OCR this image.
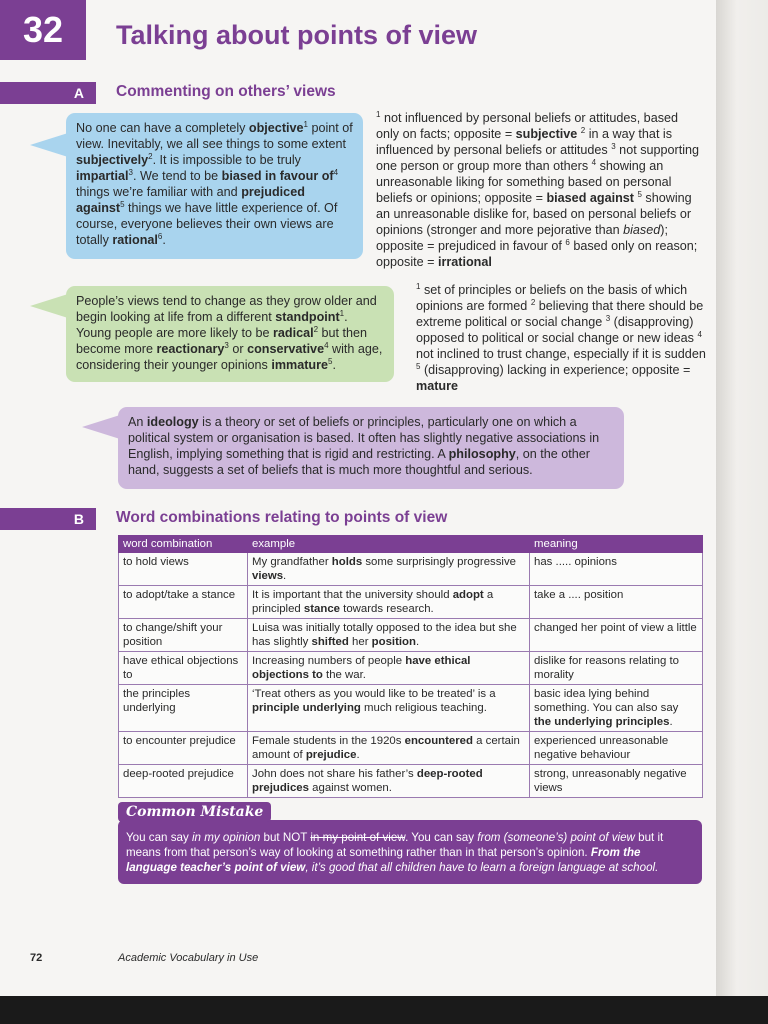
32	Talking about points of view
A	Commenting on others’ views
No one can have a completely objective$^1$ point of view. Inevitably, we all see things to some extent subjectively$^2$. It is impossible to be truly impartial$^3$. We tend to be biased in favour $of^4$ things we’re familiar with and prejudiced against$^5$ things we have little experience of. Of course, everyone believes their own views are totally rational$^6$.
$^1$ not influenced by personal beliefs or attitudes, based only on facts; opposite = subjective $^2$ in a way that is influenced by personal beliefs or attitudes $^3$ not supporting one person or group more than others $^4$ showing an unreasonable liking for something based on personal beliefs or opinions; opposite = biased against $^5$ showing an unreasonable dislike for, based on personal beliefs or opinions (stronger and more pejorative than biased); opposite = prejudiced in favour of $^6$ based only on reason; opposite = irrational
People’s views tend to change as they grow older and begin looking at life from a different standpoint$^1$. Young people are more likely to be radical$^2$ but then become more reactionary$^3$ or conservative$^4$ with age, considering their younger opinions immature$^5$.
$^1$ set of principles or beliefs on the basis of which opinions are formed $^2$ believing that there should be extreme political or social change $^3$ (disapproving) opposed to political or social change or new ideas $^4$ not inclined to trust change, especially if it is sudden $^5$ (disapproving) lacking in experience; opposite = mature
An ideology is a theory or set of beliefs or principles, particularly one on which a political system or organisation is based. It often has slightly negative associations in English, implying something that is rigid and restricting. A philosophy, on the other hand, suggests a set of beliefs that is much more thoughtful and serious.
B	Word combinations relating to points of view
word combination	example	meaning
to hold views	My grandfather holds some surprisingly progressive views.	has ..... opinions
to adopt/take a stance	It is important that the university should adopt a principled stance towards research.	take a .... position
to change/shift your position	Luisa was initially totally opposed to the idea but she has slightly shifted her position.	changed her point of view a little
have ethical objections to	Increasing numbers of people have ethical objections to the war.	dislike for reasons relating to morality
the principles underlying	‘Treat others as you would like to be treated’ is a principle underlying much religious teaching.	basic idea lying behind something. You can also say the underlying principles.
to encounter prejudice	Female students in the 1920s encountered a certain amount of prejudice.	experienced unreasonable negative behaviour
deep-rooted prejudice	John does not share his father’s deep-rooted prejudices against women.	strong, unreasonably negative views
You can say in my opinion but NOT in my point of view. You can say from (someone’s) point of view but it means from that person’s way of looking at something rather than in that person’s opinion. From the language teacher’s point of view, it’s good that all children have to learn a foreign language at school.
Common Mistake
72	Academic Vocabulary in Use
